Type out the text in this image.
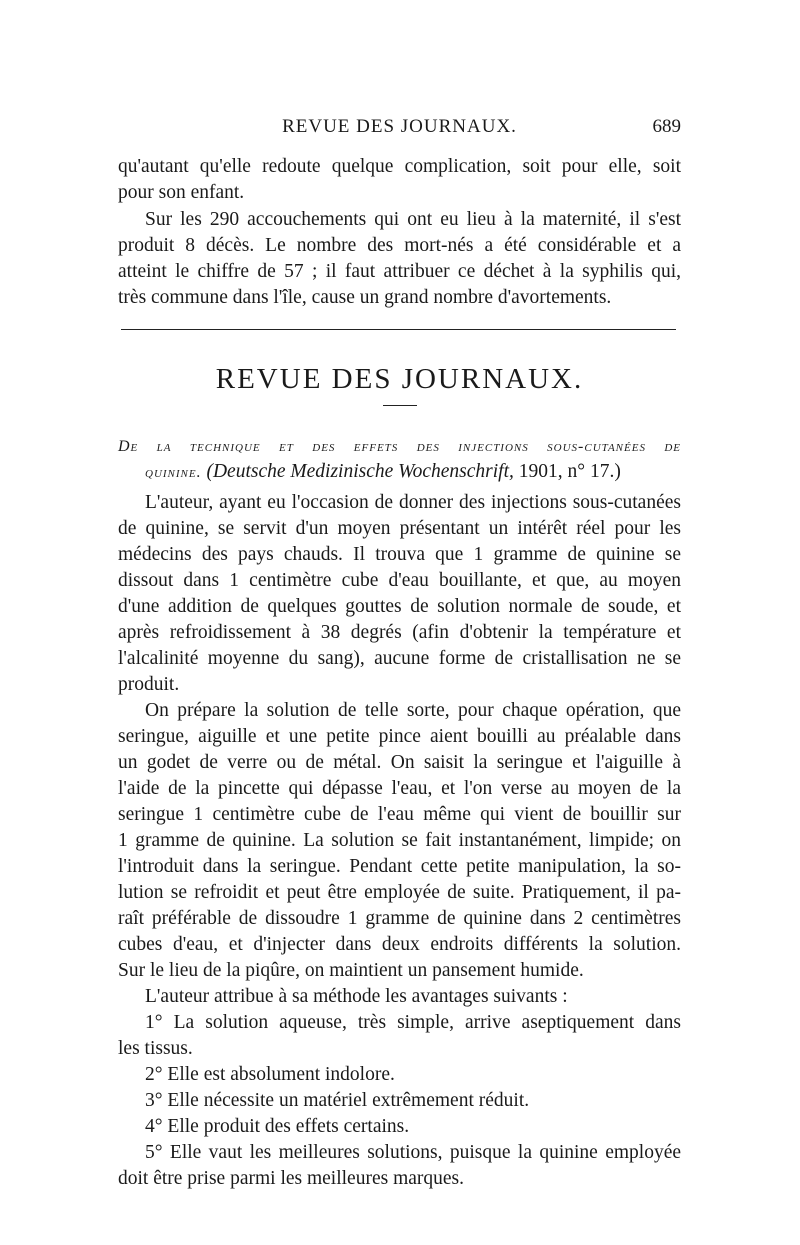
REVUE DES JOURNAUX.	689
qu'autant qu'elle redoute quelque complication, soit pour elle, soit
pour son enfant.
Sur les 290 accouchements qui ont eu lieu à la maternité, il s'est
produit 8 décès. Le nombre des mort-nés a été considérable et a
atteint le chiffre de 57 ; il faut attribuer ce déchet à la syphilis qui,
très commune dans l'île, cause un grand nombre d'avortements.
REVUE DES JOURNAUX.
De la technique et des effets des injections sous-cutanées de
quinine. (Deutsche Medizinische Wochenschrift, 1901, n° 17.)
L'auteur, ayant eu l'occasion de donner des injections sous-cutanées
de quinine, se servit d'un moyen présentant un intérêt réel pour les
médecins des pays chauds. Il trouva que 1 gramme de quinine se
dissout dans 1 centimètre cube d'eau bouillante, et que, au moyen
d'une addition de quelques gouttes de solution normale de soude, et
après refroidissement à 38 degrés (afin d'obtenir la température et
l'alcalinité moyenne du sang), aucune forme de cristallisation ne se
produit.
On prépare la solution de telle sorte, pour chaque opération, que
seringue, aiguille et une petite pince aient bouilli au préalable dans
un godet de verre ou de métal. On saisit la seringue et l'aiguille à
l'aide de la pincette qui dépasse l'eau, et l'on verse au moyen de la
seringue 1 centimètre cube de l'eau même qui vient de bouillir sur
1 gramme de quinine. La solution se fait instantanément, limpide; on
l'introduit dans la seringue. Pendant cette petite manipulation, la so-
lution se refroidit et peut être employée de suite. Pratiquement, il pa-
raît préférable de dissoudre 1 gramme de quinine dans 2 centimètres
cubes d'eau, et d'injecter dans deux endroits différents la solution.
Sur le lieu de la piqûre, on maintient un pansement humide.
L'auteur attribue à sa méthode les avantages suivants :
1° La solution aqueuse, très simple, arrive aseptiquement dans
les tissus.
2° Elle est absolument indolore.
3° Elle nécessite un matériel extrêmement réduit.
4° Elle produit des effets certains.
5° Elle vaut les meilleures solutions, puisque la quinine employée
doit être prise parmi les meilleures marques.
